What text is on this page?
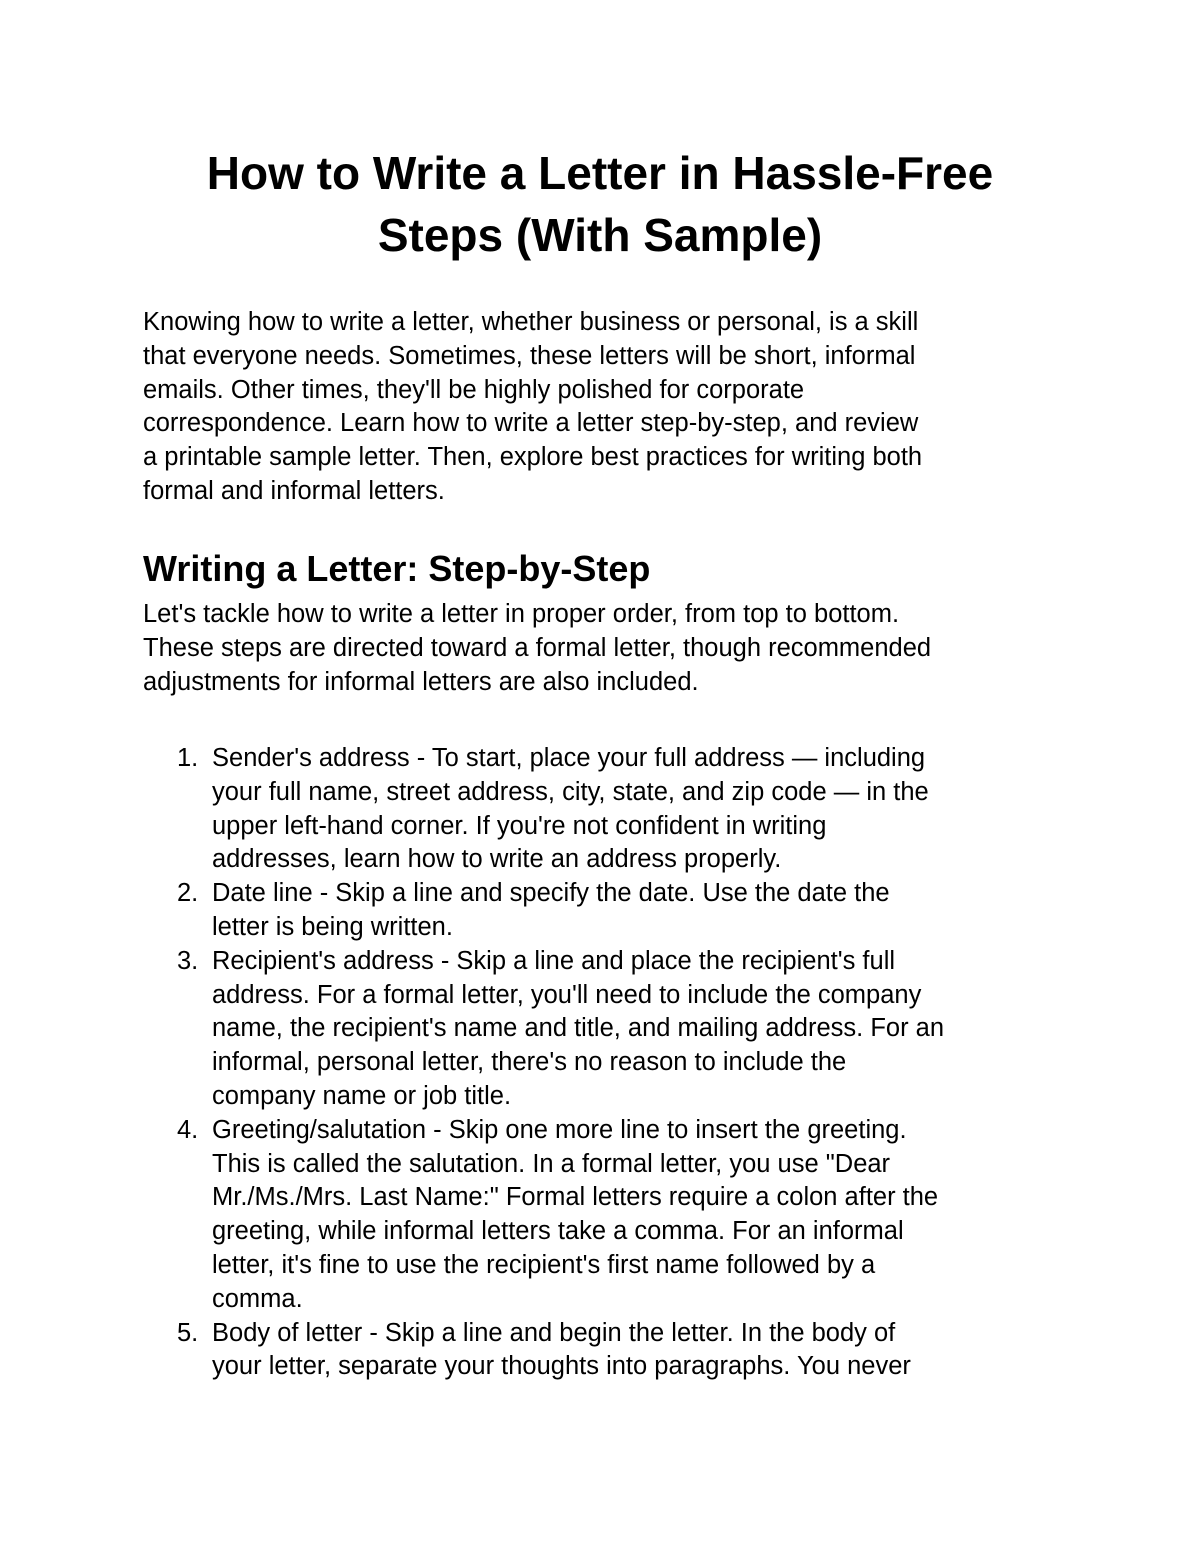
How to Write a Letter in Hassle-Free
Steps (With Sample)

Knowing how to write a letter, whether business or personal, is a skill
that everyone needs. Sometimes, these letters will be short, informal
emails. Other times, they'll be highly polished for corporate
correspondence. Learn how to write a letter step-by-step, and review
a printable sample letter. Then, explore best practices for writing both
formal and informal letters.

Writing a Letter: Step-by-Step

Let's tackle how to write a letter in proper order, from top to bottom.
These steps are directed toward a formal letter, though recommended
adjustments for informal letters are also included.

1. Sender's address - To start, place your full address — including
your full name, street address, city, state, and zip code — in the
upper left-hand corner. If you're not confident in writing
addresses, learn how to write an address properly.
2. Date line - Skip a line and specify the date. Use the date the
letter is being written.
3. Recipient's address - Skip a line and place the recipient's full
address. For a formal letter, you'll need to include the company
name, the recipient's name and title, and mailing address. For an
informal, personal letter, there's no reason to include the
company name or job title.
4. Greeting/salutation - Skip one more line to insert the greeting.
This is called the salutation. In a formal letter, you use "Dear
Mr./Ms./Mrs. Last Name:" Formal letters require a colon after the
greeting, while informal letters take a comma. For an informal
letter, it's fine to use the recipient's first name followed by a
comma.
5. Body of letter - Skip a line and begin the letter. In the body of
your letter, separate your thoughts into paragraphs. You never
